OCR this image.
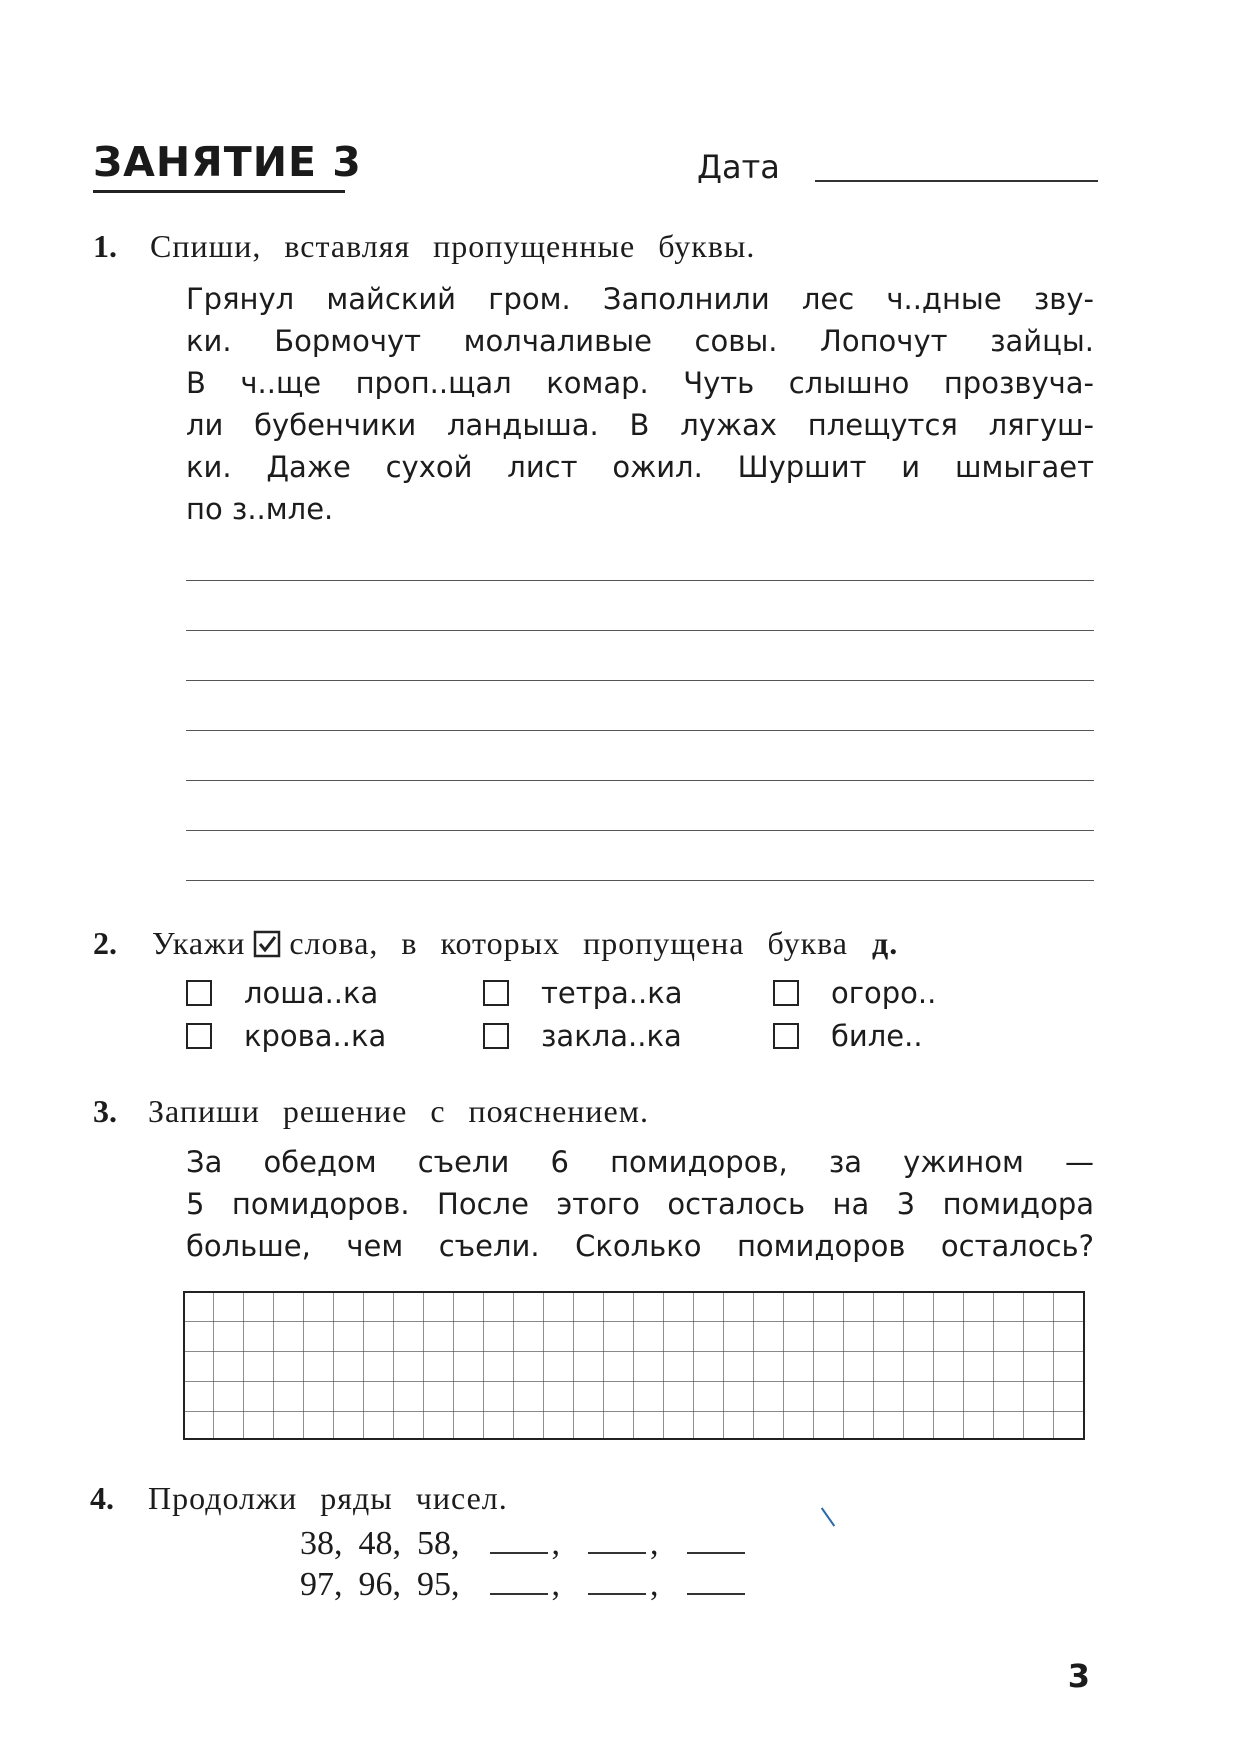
ЗАНЯТИЕ 3	Дата
1. Спиши, вставляя пропущенные буквы.
Грянул майский гром. Заполнили лес ч..дные зву-
ки. Бормочут молчаливые совы. Лопочут зайцы.
В ч..ще проп..щал комар. Чуть слышно прозвуча-
ли бубенчики ландыша. В лужах плещутся лягуш-
ки. Даже сухой лист ожил. Шуршит и шмыгает
по з..мле.
2. Укажи слова, в которых пропущена буква д.
лоша..ка	тетра..ка	огоро..
крова..ка	закла..ка	биле..
3. Запиши решение с пояснением.
За обедом съели 6 помидоров, за ужином —
5 помидоров. После этого осталось на 3 помидора
больше, чем съели. Сколько помидоров осталось?
4. Продолжи ряды чисел.
38, 48, 58,	,	,
97, 96, 95,	,	,
3
